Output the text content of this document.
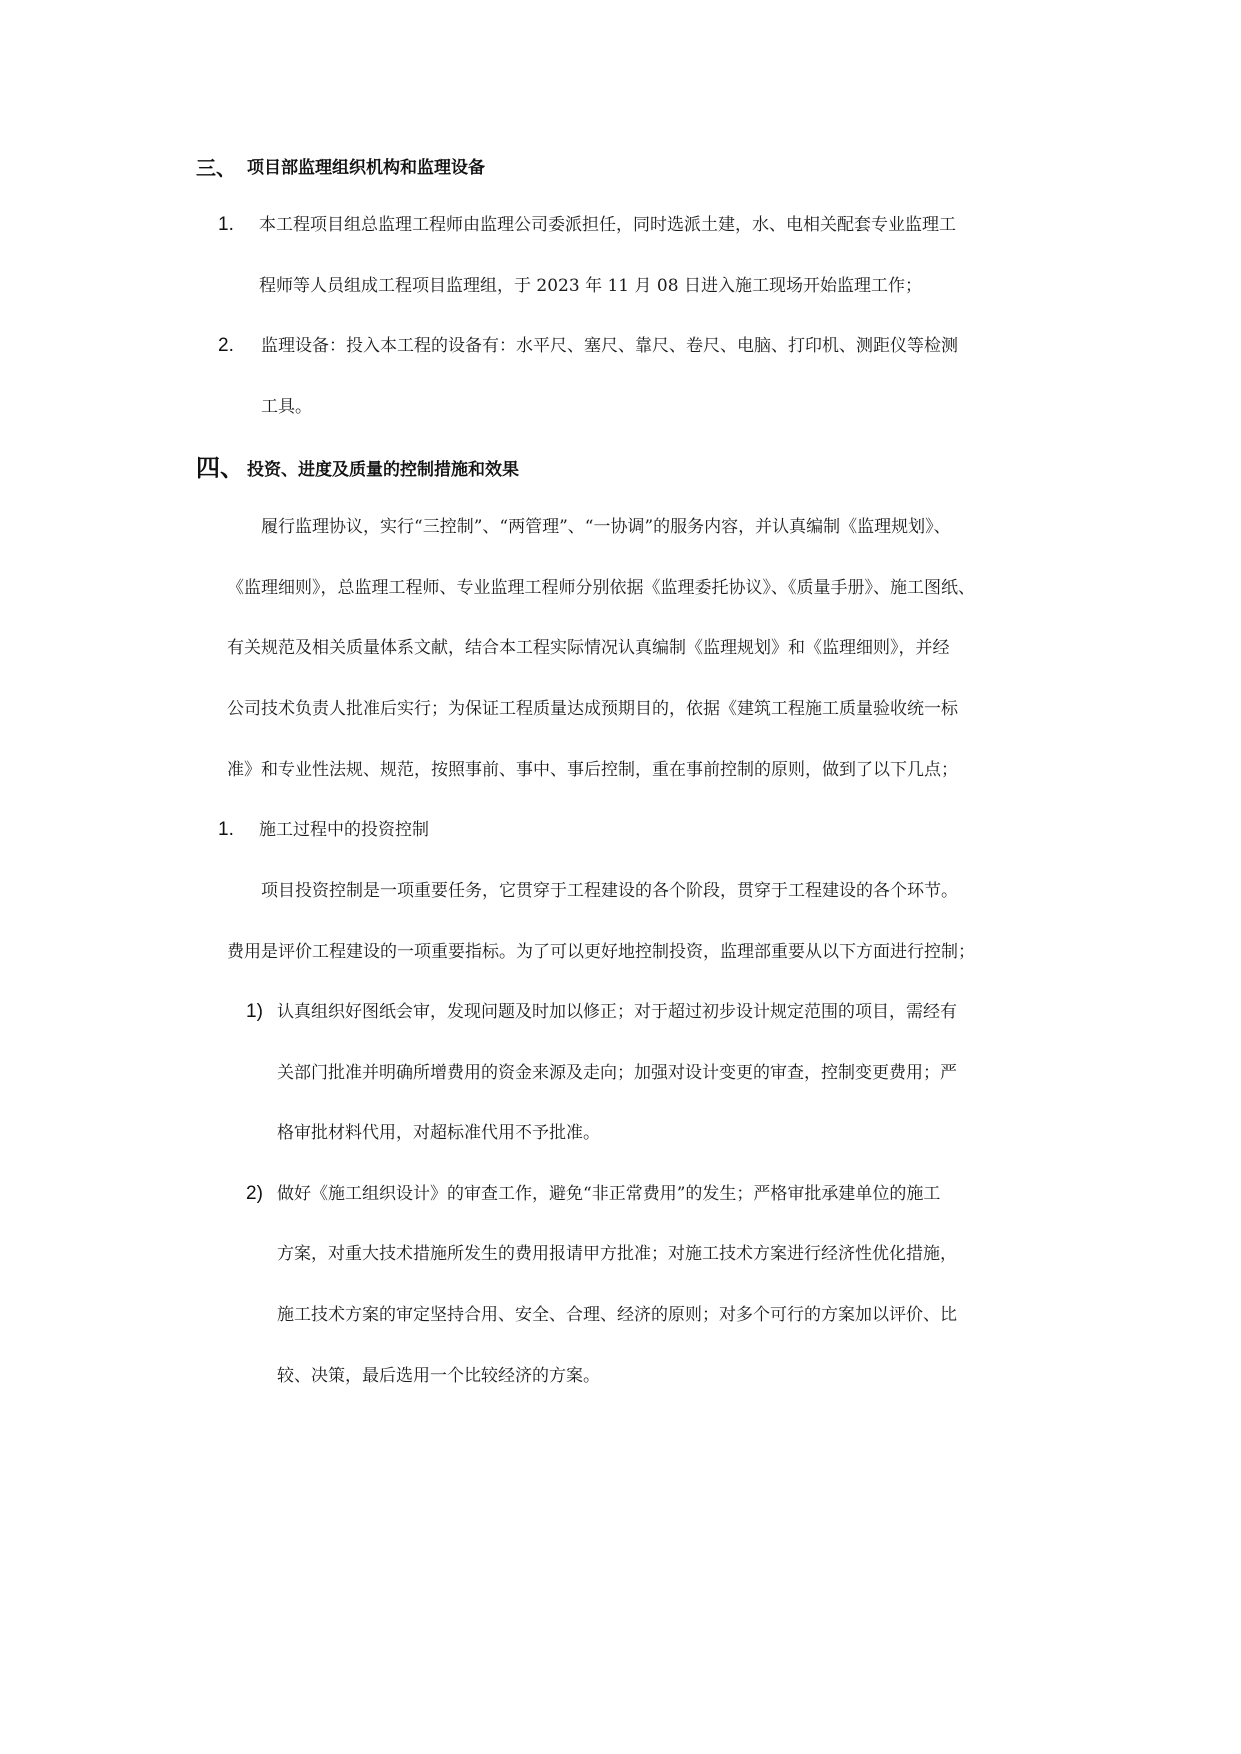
三、 项目部监理组织机构和监理设备
1. 本工程项目组总监理工程师由监理公司委派担任，同时选派土建，水、电相关配套专业监理工
程师等人员组成工程项目监理组，于 2023 年 11 月 08 日进入施工现场开始监理工作；
2. 监理设备：投入本工程的设备有：水平尺、塞尺、靠尺、卷尺、电脑、打印机、测距仪等检测
工具。
四、 投资、进度及质量的控制措施和效果
履行监理协议，实行“三控制”、“两管理”、“一协调”的服务内容，并认真编制《监理规划》、
《监理细则》，总监理工程师、专业监理工程师分别依据《监理委托协议》、《质量手册》、施工图纸、
有关规范及相关质量体系文献，结合本工程实际情况认真编制《监理规划》和《监理细则》，并经
公司技术负责人批准后实行；为保证工程质量达成预期目的，依据《建筑工程施工质量验收统一标
准》和专业性法规、规范，按照事前、事中、事后控制，重在事前控制的原则，做到了以下几点；
1. 施工过程中的投资控制
项目投资控制是一项重要任务，它贯穿于工程建设的各个阶段，贯穿于工程建设的各个环节。
费用是评价工程建设的一项重要指标。为了可以更好地控制投资，监理部重要从以下方面进行控制；
1) 认真组织好图纸会审，发现问题及时加以修正；对于超过初步设计规定范围的项目，需经有
关部门批准并明确所增费用的资金来源及走向；加强对设计变更的审查，控制变更费用；严
格审批材料代用，对超标准代用不予批准。
2) 做好《施工组织设计》的审查工作，避免“非正常费用”的发生；严格审批承建单位的施工
方案，对重大技术措施所发生的费用报请甲方批准；对施工技术方案进行经济性优化措施，
施工技术方案的审定坚持合用、安全、合理、经济的原则；对多个可行的方案加以评价、比
较、决策，最后选用一个比较经济的方案。
